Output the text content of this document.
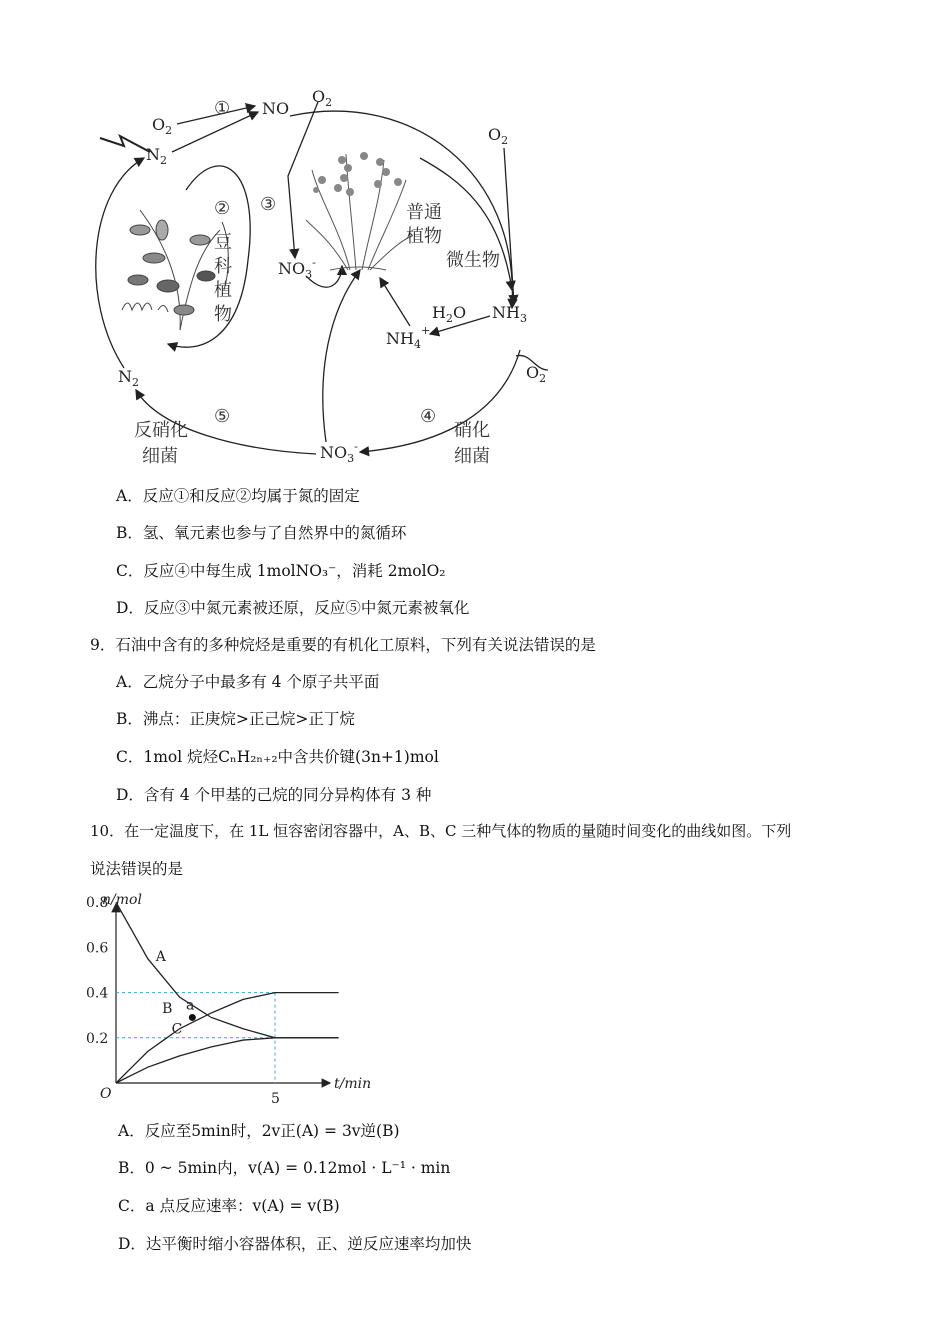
$O_2$
NO
$O_2$
$N_2$
$N_2$
$NO_3^-$
$NO_3^-$
$NH_4^+$
$H_2O$ $NH_3$
$O_2$
$O_2$
①
② ③
④
⑤
豆
科
植
物
普通
植物
微生物
硝化
细菌
反硝化
细菌
A．反应①和反应②均属于氮的固定
B．氢、氧元素也参与了自然界中的氮循环
C．反应④中每生成 1molNO₃⁻，消耗 2molO₂
D．反应③中氮元素被还原，反应⑤中氮元素被氧化
9．石油中含有的多种烷烃是重要的有机化工原料，下列有关说法错误的是
A．乙烷分子中最多有 4 个原子共平面
B．沸点：正庚烷>正己烷>正丁烷
C．1mol 烷烃CₙH₂ₙ₊₂中含共价键(3n+1)mol
D．含有 4 个甲基的己烷的同分异构体有 3 种
10．在一定温度下，在 1L 恒容密闭容器中，A、B、C 三种气体的物质的量随时间变化的曲线如图。下列
说法错误的是
n/mol
t/min
O
0.8
0.6
0.4
0.2
5
A
B
C
a
A．反应至5min时，2v正(A) = 3v逆(B)
B．0 ~ 5min内，v(A) = 0.12mol · L⁻¹ · min
C．a 点反应速率：v(A) = v(B)
D．达平衡时缩小容器体积，正、逆反应速率均加快
